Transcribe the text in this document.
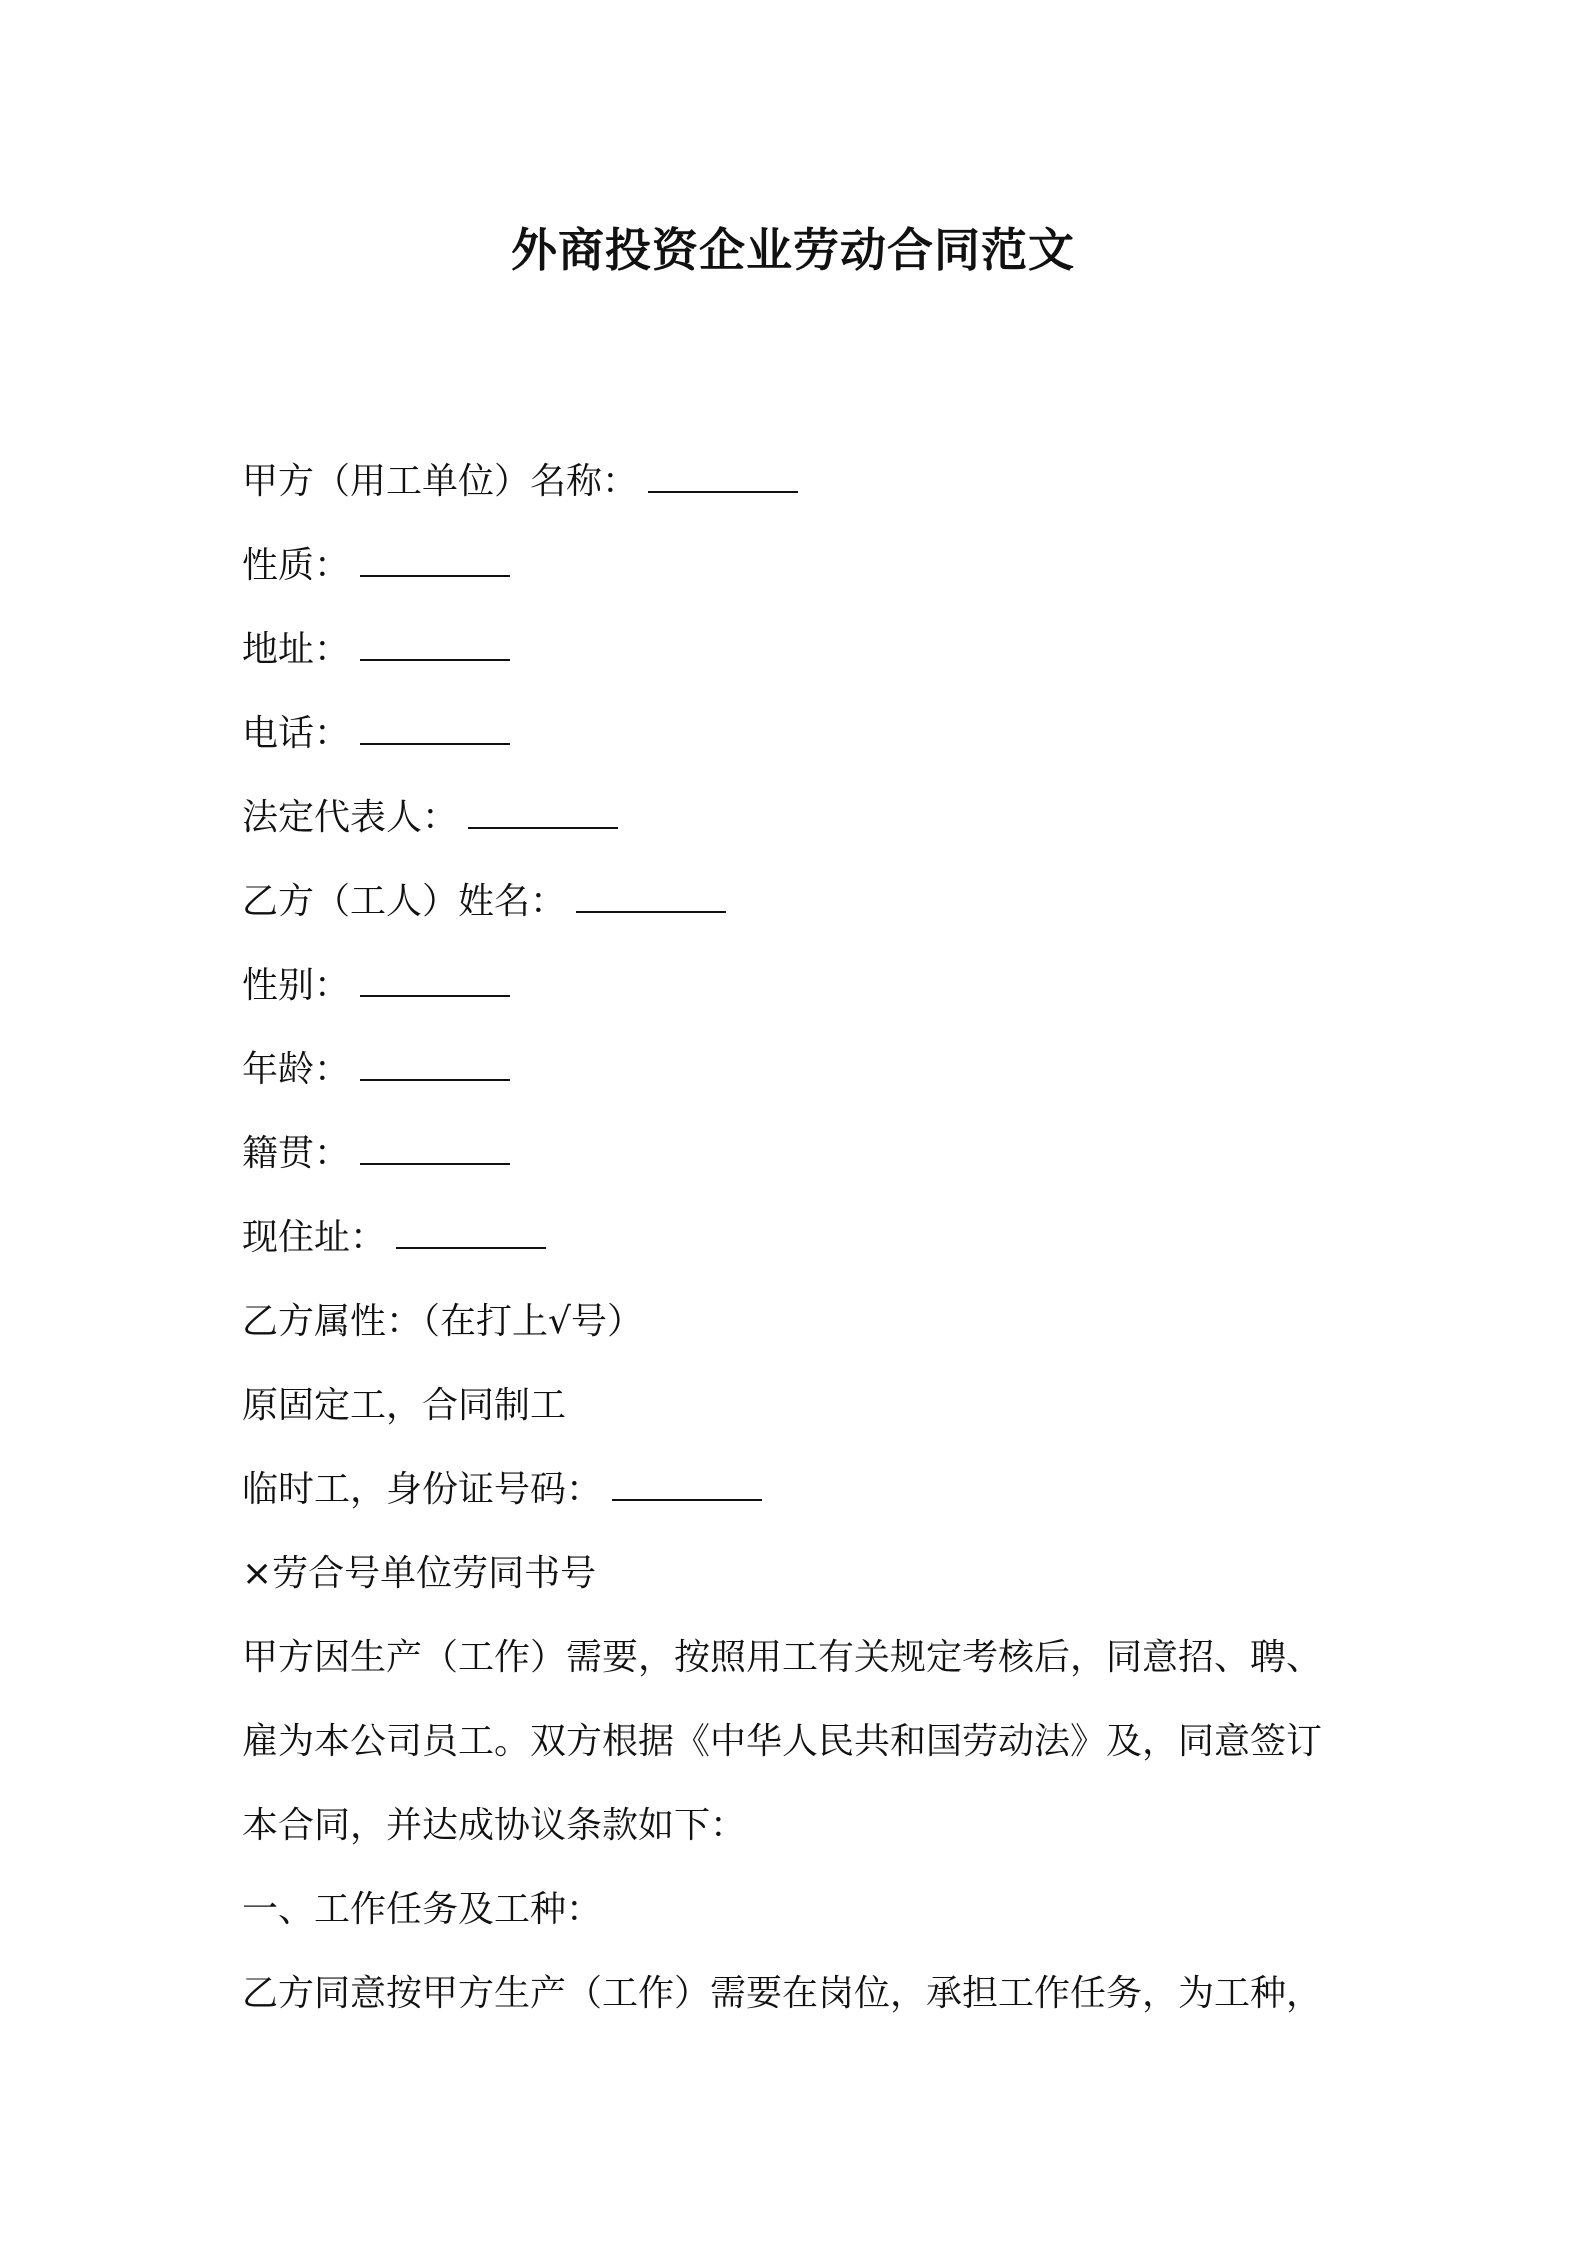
外商投资企业劳动合同范文
甲方（用工单位）名称：
性质：
地址：
电话：
法定代表人：
乙方（工人）姓名：
性别：
年龄：
籍贯：
现住址：
乙方属性：（在打上√号）
原固定工，合同制工
临时工，身份证号码：
×劳合号单位劳同书号
甲方因生产（工作）需要，按照用工有关规定考核后，同意招、聘、
雇为本公司员工。双方根据《中华人民共和国劳动法》及，同意签订
本合同，并达成协议条款如下：
一、工作任务及工种：
乙方同意按甲方生产（工作）需要在岗位，承担工作任务，为工种，
